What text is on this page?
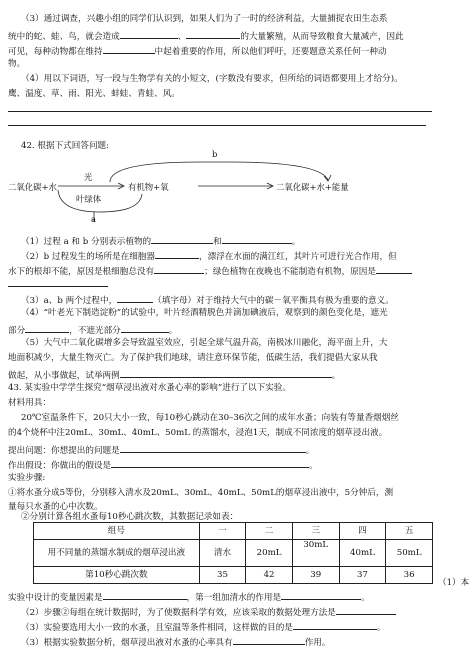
（3）通过调查，兴趣小组的同学们认识到，如果人们为了一时的经济利益，大量捕捉农田生态系
统中的蛇、蛙、鸟，就会造成	、	的大量繁殖，从而导致粮食大量减产，因此
可见，每种动物都在维持	中起着重要的作用，所以他们呼吁，还要题意关系任何一种动
物。
（4）用以下词语，写一段与生物学有关的小短文，(字数没有要求，但所给的词语都要用上才给分)。
鹰、温度、草、雨、阳光、蚌蛙、青蛙、风。
42. 根据下式回答问题:
b
光
二氧化碳+水	有机物+氧	二氧化碳+水+能量
叶绿体
a
（1）过程 a 和 b 分别表示植物的	和	。
（2）b 过程发生的场所是在细胞器	，漂浮在水面的满江红，其叶片可进行光合作用，但
水下的根却不能，原因是根细胞总没有	；绿色植物在夜晚也不能制造有机物，原因是
（3）a、b 两个过程中，	（填字母）对于维持大气中的碳－氧平衡具有极为重要的意义。
（4）“叶老光下制造淀粉”的试验中，叶片经酒精脱色并滴加碘液后，观察到的颜色变化是，遮光
部分	，不遮光部分	。
（5）大气中二氧化碳增多会导致温室效应，引起全球气温升高，南极冰川融化，海平面上升，大
地面积减少，大量生物灭亡。为了保护我们地球，请注意环保节能，低碳生活，我们提倡大家从我
做起，从小事做起，试举两例	。
43. 某实验中学学生探究“烟草浸出液对水蚤心率的影响”进行了以下实验。
材料用具：
20℃室温条件下，20只大小一致，每10秒心跳动在30–36次之间的成年水蚤；向装有等量香烟烟丝
的4个烧杯中注20mL、30mL、40mL、50mL 的蒸馏水，浸泡1天，制成不同浓度的烟草浸出液。
提出问题：你想提出的问题是	。
作出假设：你做出的假设是	。
实验步骤:
①将水蚤分成5等份，分别移入清水及20mL、30mL、40mL、50mL的烟草浸出液中，5分钟后，测
量每只水蚤的心中次数。
②分别计算各组水蚤每10秒心跳次数，其数据记录如表：
组号	一	二	三	四	五
用不同量的蒸馏水制成的烟草浸出液	清水	20mL	30mL	40mL	50mL
第10秒心跳次数	35	42	39	37	36
（1）本
实验中设计的变量因素是	，第一组加清水的作用是	。
（2）步骤②每组在统计数据时，为了使数据科学有效，应该采取的数据处理方法是
（3）实验要选用大小一致的水蚤，且室温等条件相同，这样做的目的是	。
（3）根据实验数据分析，烟草浸出液对水蚤的心率具有	作用。
